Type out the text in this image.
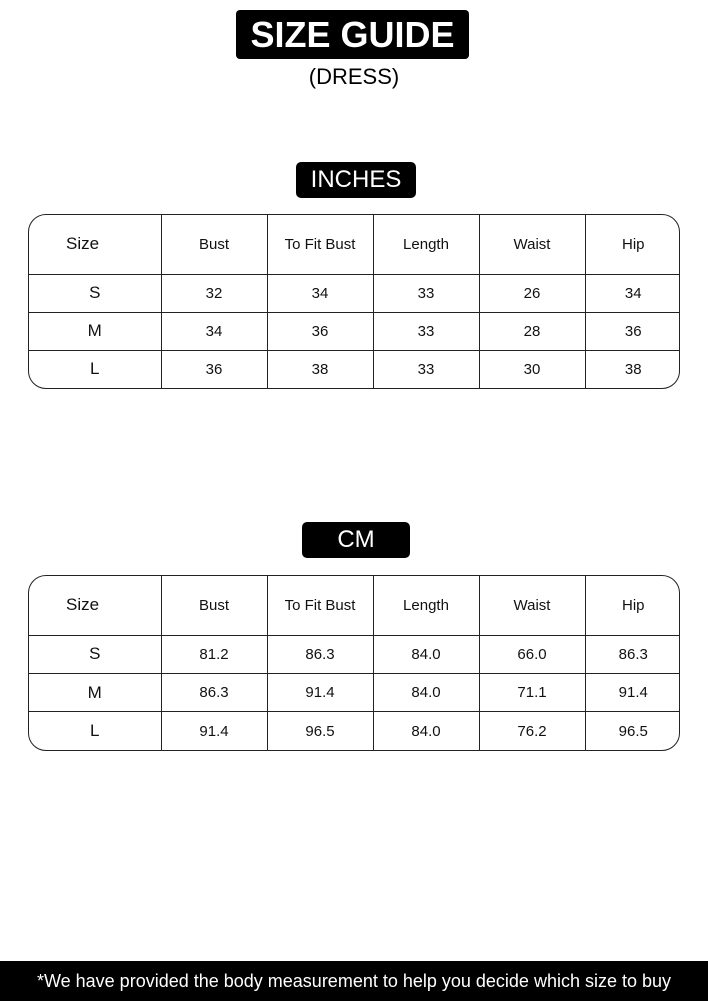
SIZE GUIDE
(DRESS)
INCHES
Size	Bust	To Fit Bust	Length	Waist	Hip
S	32	34	33	26	34
M	34	36	33	28	36
L	36	38	33	30	38
CM
Size	Bust	To Fit Bust	Length	Waist	Hip
S	81.2	86.3	84.0	66.0	86.3
M	86.3	91.4	84.0	71.1	91.4
L	91.4	96.5	84.0	76.2	96.5
*We have provided the body measurement to help you decide which size to buy
